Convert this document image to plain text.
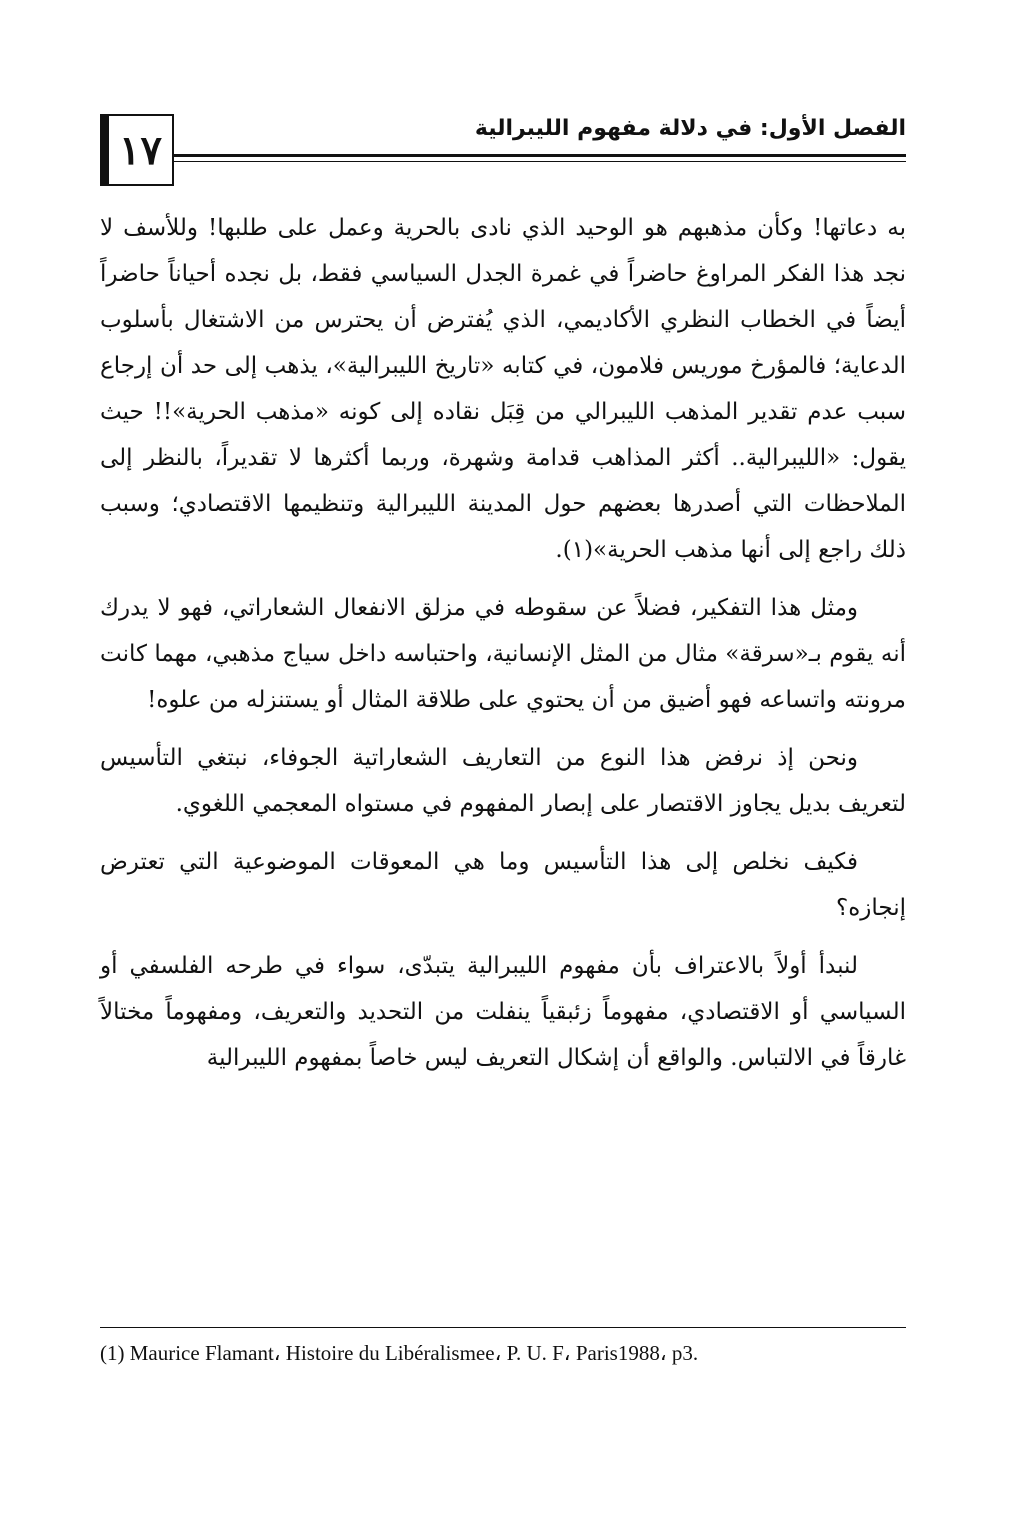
١٧	الفصل الأول: في دلالة مفهوم الليبرالية

به دعاتها! وكأن مذهبهم هو الوحيد الذي نادى بالحرية وعمل على طلبها! وللأسف لا نجد هذا الفكر المراوغ حاضراً في غمرة الجدل السياسي فقط، بل نجده أحياناً حاضراً أيضاً في الخطاب النظري الأكاديمي، الذي يُفترض أن يحترس من الاشتغال بأسلوب الدعاية؛ فالمؤرخ موريس فلامون، في كتابه «تاريخ الليبرالية»، يذهب إلى حد أن إرجاع سبب عدم تقدير المذهب الليبرالي من قِبَل نقاده إلى كونه «مذهب الحرية»!! حيث يقول: «الليبرالية.. أكثر المذاهب قدامة وشهرة، وربما أكثرها لا تقديراً، بالنظر إلى الملاحظات التي أصدرها بعضهم حول المدينة الليبرالية وتنظيمها الاقتصادي؛ وسبب ذلك راجع إلى أنها مذهب الحرية»(١).

ومثل هذا التفكير، فضلاً عن سقوطه في مزلق الانفعال الشعاراتي، فهو لا يدرك أنه يقوم بـ«سرقة» مثال من المثل الإنسانية، واحتباسه داخل سياج مذهبي، مهما كانت مرونته واتساعه فهو أضيق من أن يحتوي على طلاقة المثال أو يستنزله من علوه!

ونحن إذ نرفض هذا النوع من التعاريف الشعاراتية الجوفاء، نبتغي التأسيس لتعريف بديل يجاوز الاقتصار على إبصار المفهوم في مستواه المعجمي اللغوي.

فكيف نخلص إلى هذا التأسيس وما هي المعوقات الموضوعية التي تعترض إنجازه؟

لنبدأ أولاً بالاعتراف بأن مفهوم الليبرالية يتبدّى، سواء في طرحه الفلسفي أو السياسي أو الاقتصادي، مفهوماً زئبقياً ينفلت من التحديد والتعريف، ومفهوماً مختالاً غارقاً في الالتباس. والواقع أن إشكال التعريف ليس خاصاً بمفهوم الليبرالية

(1) Maurice Flamant، Histoire du Libéralismee، P. U. F، Paris1988، p3.
